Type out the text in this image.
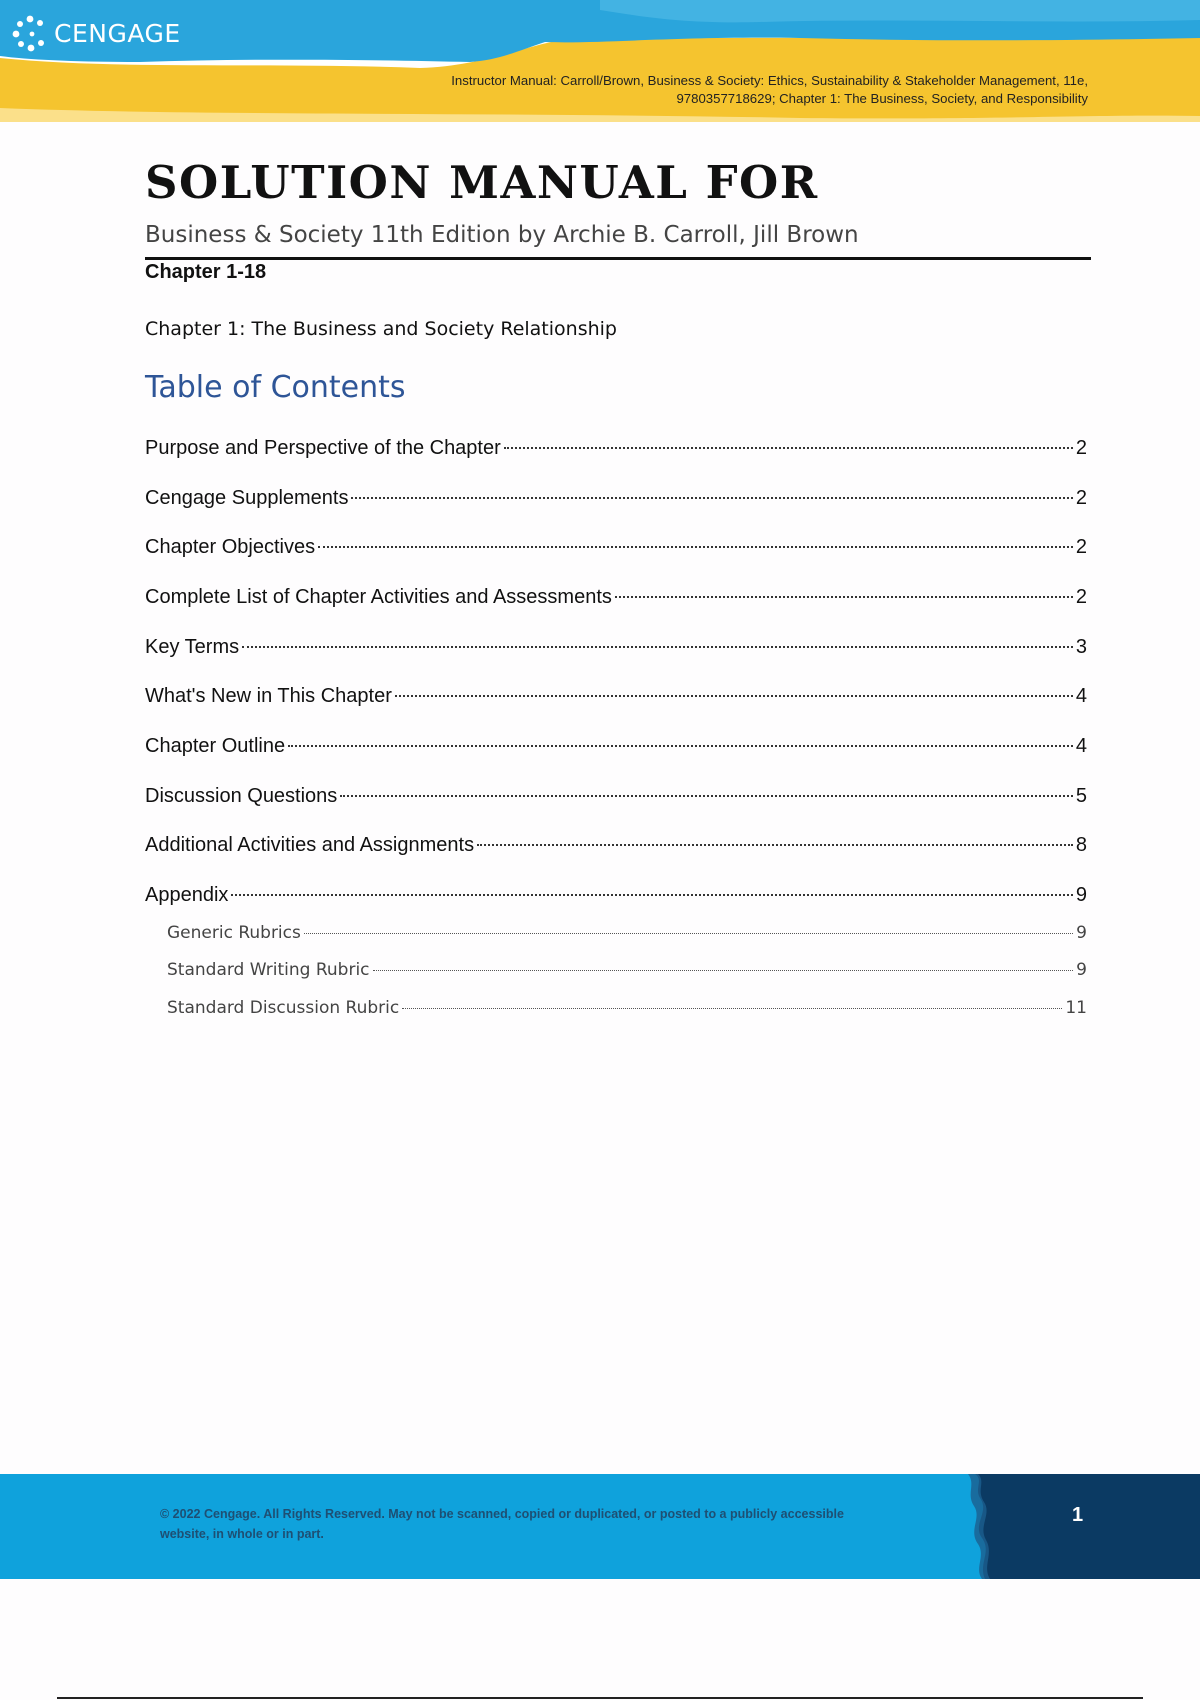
CENGAGE
Instructor Manual: Carroll/Brown, Business & Society: Ethics, Sustainability & Stakeholder Management, 11e,
9780357718629; Chapter 1: The Business, Society, and Responsibility
SOLUTION MANUAL FOR
Business & Society 11th Edition by Archie B. Carroll, Jill Brown
Chapter 1-18
Chapter 1: The Business and Society Relationship
Table of Contents
Purpose and Perspective of the Chapter	2
Cengage Supplements	2
Chapter Objectives	2
Complete List of Chapter Activities and Assessments	2
Key Terms	3
What's New in This Chapter	4
Chapter Outline	4
Discussion Questions	5
Additional Activities and Assignments	8
Appendix	9
Generic Rubrics	9
Standard Writing Rubric	9
Standard Discussion Rubric	11
© 2022 Cengage. All Rights Reserved. May not be scanned, copied or duplicated, or posted to a publicly accessible
website, in whole or in part.
1
